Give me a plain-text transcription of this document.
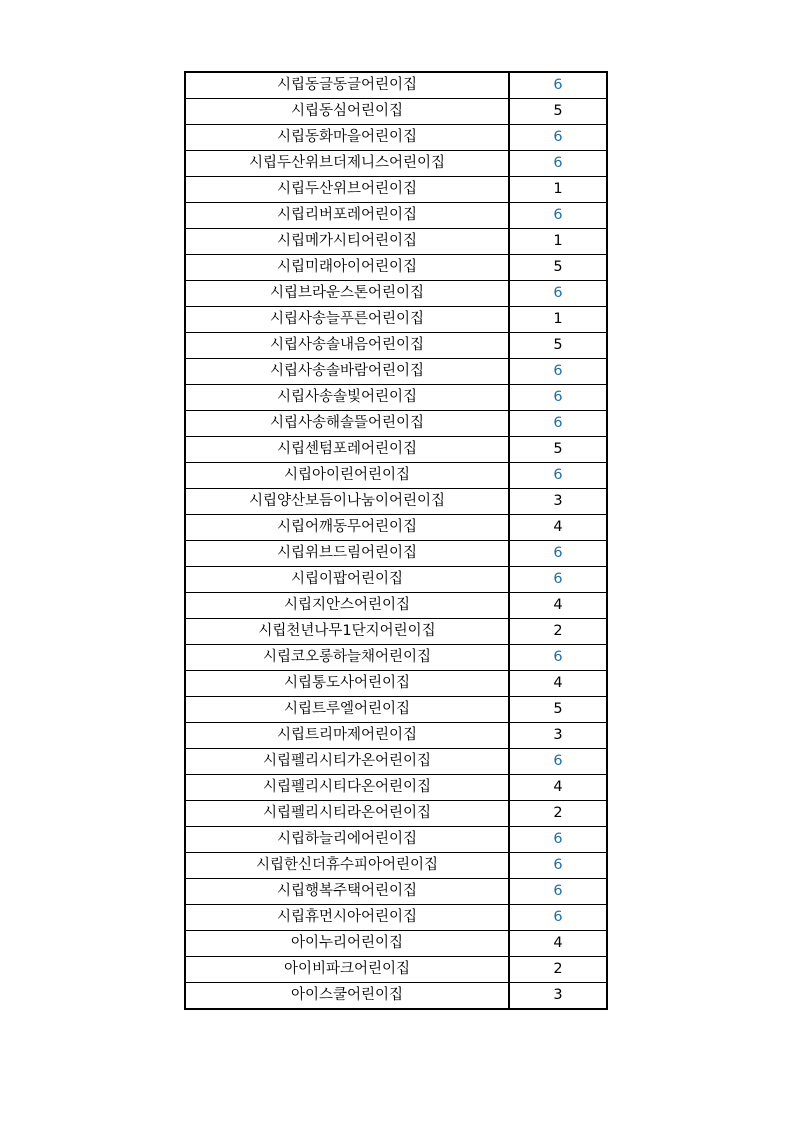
시립동글동글어린이집	6
시립동심어린이집	5
시립동화마을어린이집	6
시립두산위브더제니스어린이집	6
시립두산위브어린이집	1
시립리버포레어린이집	6
시립메가시티어린이집	1
시립미래아이어린이집	5
시립브라운스톤어린이집	6
시립사송늘푸른어린이집	1
시립사송솔내음어린이집	5
시립사송솔바람어린이집	6
시립사송솔빛어린이집	6
시립사송해솔뜰어린이집	6
시립센텀포레어린이집	5
시립아이린어린이집	6
시립양산보듬이나눔이어린이집	3
시립어깨동무어린이집	4
시립위브드림어린이집	6
시립이팝어린이집	6
시립지안스어린이집	4
시립천년나무1단지어린이집	2
시립코오롱하늘채어린이집	6
시립통도사어린이집	4
시립트루엘어린이집	5
시립트리마제어린이집	3
시립펠리시티가온어린이집	6
시립펠리시티다온어린이집	4
시립펠리시티라온어린이집	2
시립하늘리에어린이집	6
시립한신더휴수피아어린이집	6
시립행복주택어린이집	6
시립휴먼시아어린이집	6
아이누리어린이집	4
아이비파크어린이집	2
아이스쿨어린이집	3
